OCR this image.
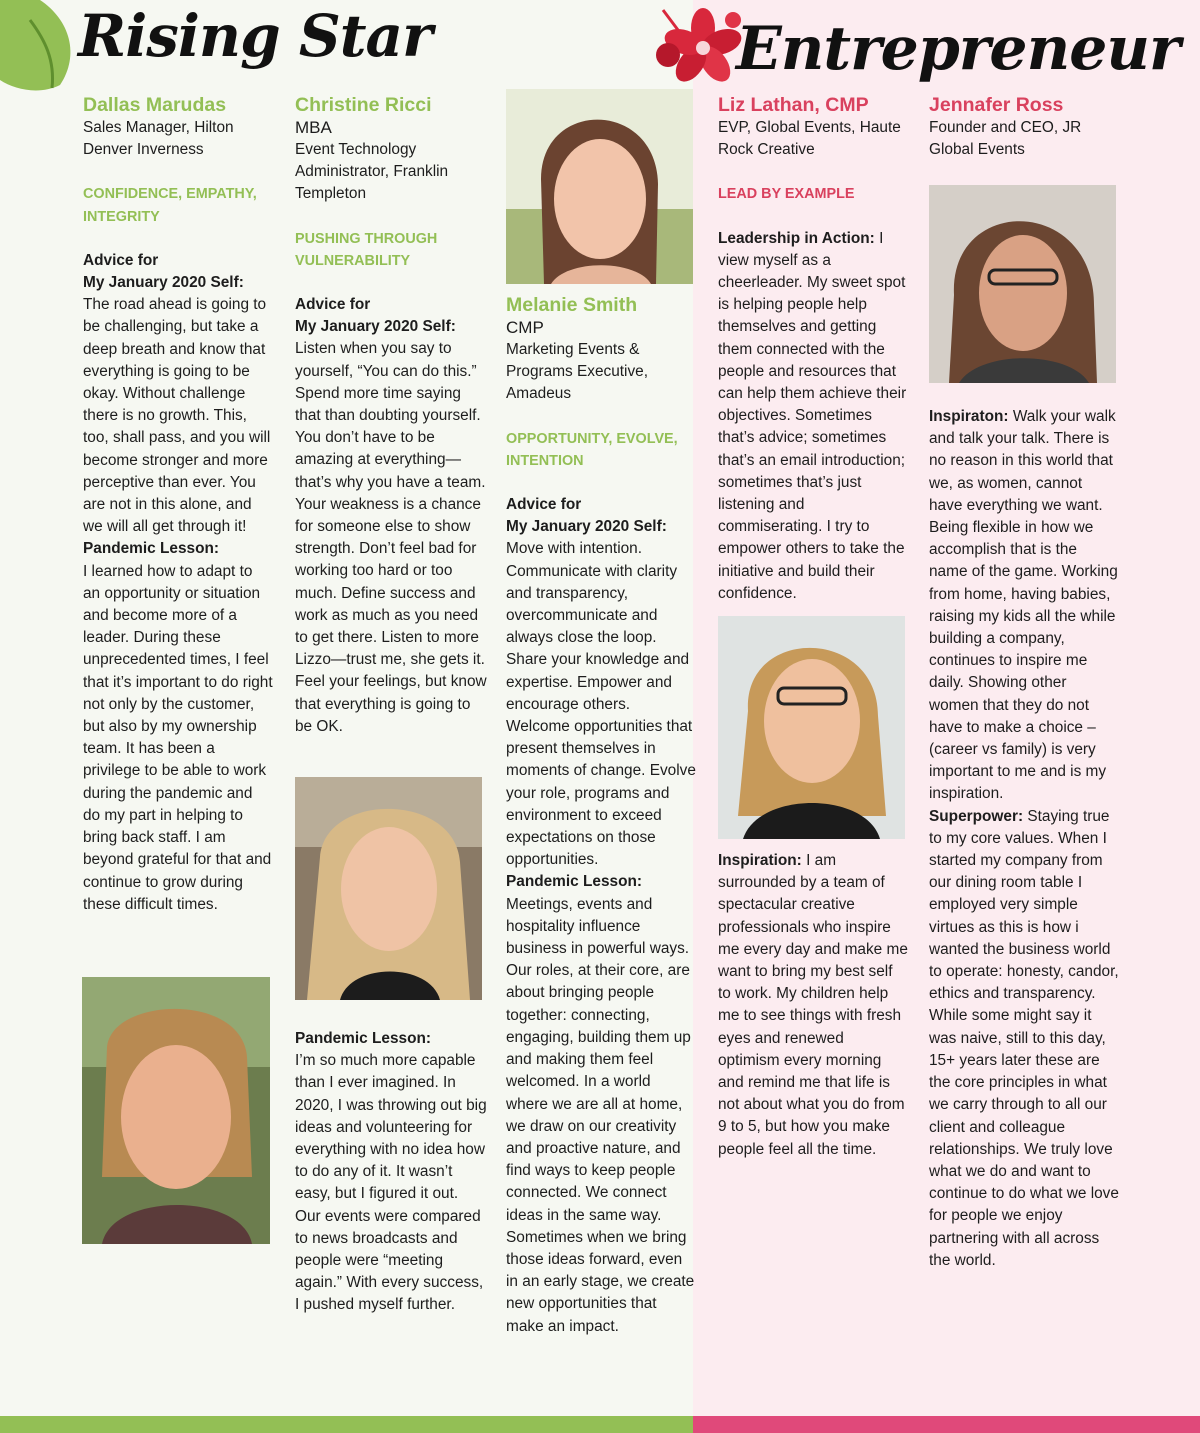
Rising Star	Entrepreneur

Dallas Marudas

Sales Manager, Hilton Denver Inverness

CONFIDENCE, EMPATHY, INTEGRITY

Advice for

My January 2020 Self:

The road ahead is going to be challenging, but take a deep breath and know that everything is going to be okay. Without challenge there is no growth. This, too, shall pass, and you will become stronger and more perceptive than ever. You are not in this alone, and we will all get through it!

Pandemic Lesson:

I learned how to adapt to an opportunity or situation and become more of a leader. During these unprecedented times, I feel that it’s important to do right not only by the customer, but also by my ownership team. It has been a privilege to be able to work during the pandemic and do my part in helping to bring back staff. I am beyond grateful for that and continue to grow during these difficult times.

Christine Ricci

MBA

Event Technology Administrator, Franklin Templeton

PUSHING THROUGH VULNERABILITY

Advice for

My January 2020 Self:

Listen when you say to yourself, “You can do this.” Spend more time saying that than doubting yourself. You don’t have to be amazing at everything—that’s why you have a team. Your weakness is a chance for someone else to show strength. Don’t feel bad for working too hard or too much. Define success and work as much as you need to get there. Listen to more Lizzo—trust me, she gets it. Feel your feelings, but know that everything is going to be OK.

Pandemic Lesson:

I’m so much more capable than I ever imagined. In 2020, I was throwing out big ideas and volunteering for everything with no idea how to do any of it. It wasn’t easy, but I figured it out. Our events were compared to news broadcasts and people were “meeting again.” With every success, I pushed myself further.

Melanie Smith

CMP

Marketing Events & Programs Executive, Amadeus

OPPORTUNITY, EVOLVE, INTENTION

Advice for

My January 2020 Self:

Move with intention. Communicate with clarity and transparency, overcommunicate and always close the loop. Share your knowledge and expertise. Empower and encourage others. Welcome opportunities that present themselves in moments of change. Evolve your role, programs and environment to exceed expectations on those opportunities.

Pandemic Lesson:

Meetings, events and hospitality influence business in powerful ways. Our roles, at their core, are about bringing people together: connecting, engaging, building them up and making them feel welcomed. In a world where we are all at home, we draw on our creativity and proactive nature, and find ways to keep people connected. We connect ideas in the same way. Sometimes when we bring those ideas forward, even in an early stage, we create new opportunities that make an impact.

Liz Lathan, CMP

EVP, Global Events, Haute Rock Creative

LEAD BY EXAMPLE

Leadership in Action: I view myself as a cheerleader. My sweet spot is helping people help themselves and getting them connected with the people and resources that can help them achieve their objectives. Sometimes that’s advice; sometimes that’s an email introduction; sometimes that’s just listening and commiserating. I try to empower others to take the initiative and build their confidence.

Inspiration: I am surrounded by a team of spectacular creative professionals who inspire me every day and make me want to bring my best self to work. My children help me to see things with fresh eyes and renewed optimism every morning and remind me that life is not about what you do from 9 to 5, but how you make people feel all the time.

Jennafer Ross

Founder and CEO, JR Global Events

Inspiraton: Walk your walk and talk your talk. There is no reason in this world that we, as women, cannot have everything we want. Being flexible in how we accomplish that is the name of the game. Working from home, having babies, raising my kids all the while building a company, continues to inspire me daily. Showing other women that they do not have to make a choice – (career vs family) is very important to me and is my inspiration.

Superpower: Staying true to my core values. When I started my company from our dining room table I employed very simple virtues as this is how i wanted the business world to operate: honesty, candor, ethics and transparency. While some might say it was naive, still to this day, 15+ years later these are the core principles in what we carry through to all our client and colleague relationships. We truly love what we do and want to continue to do what we love for people we enjoy partnering with all across the world.
